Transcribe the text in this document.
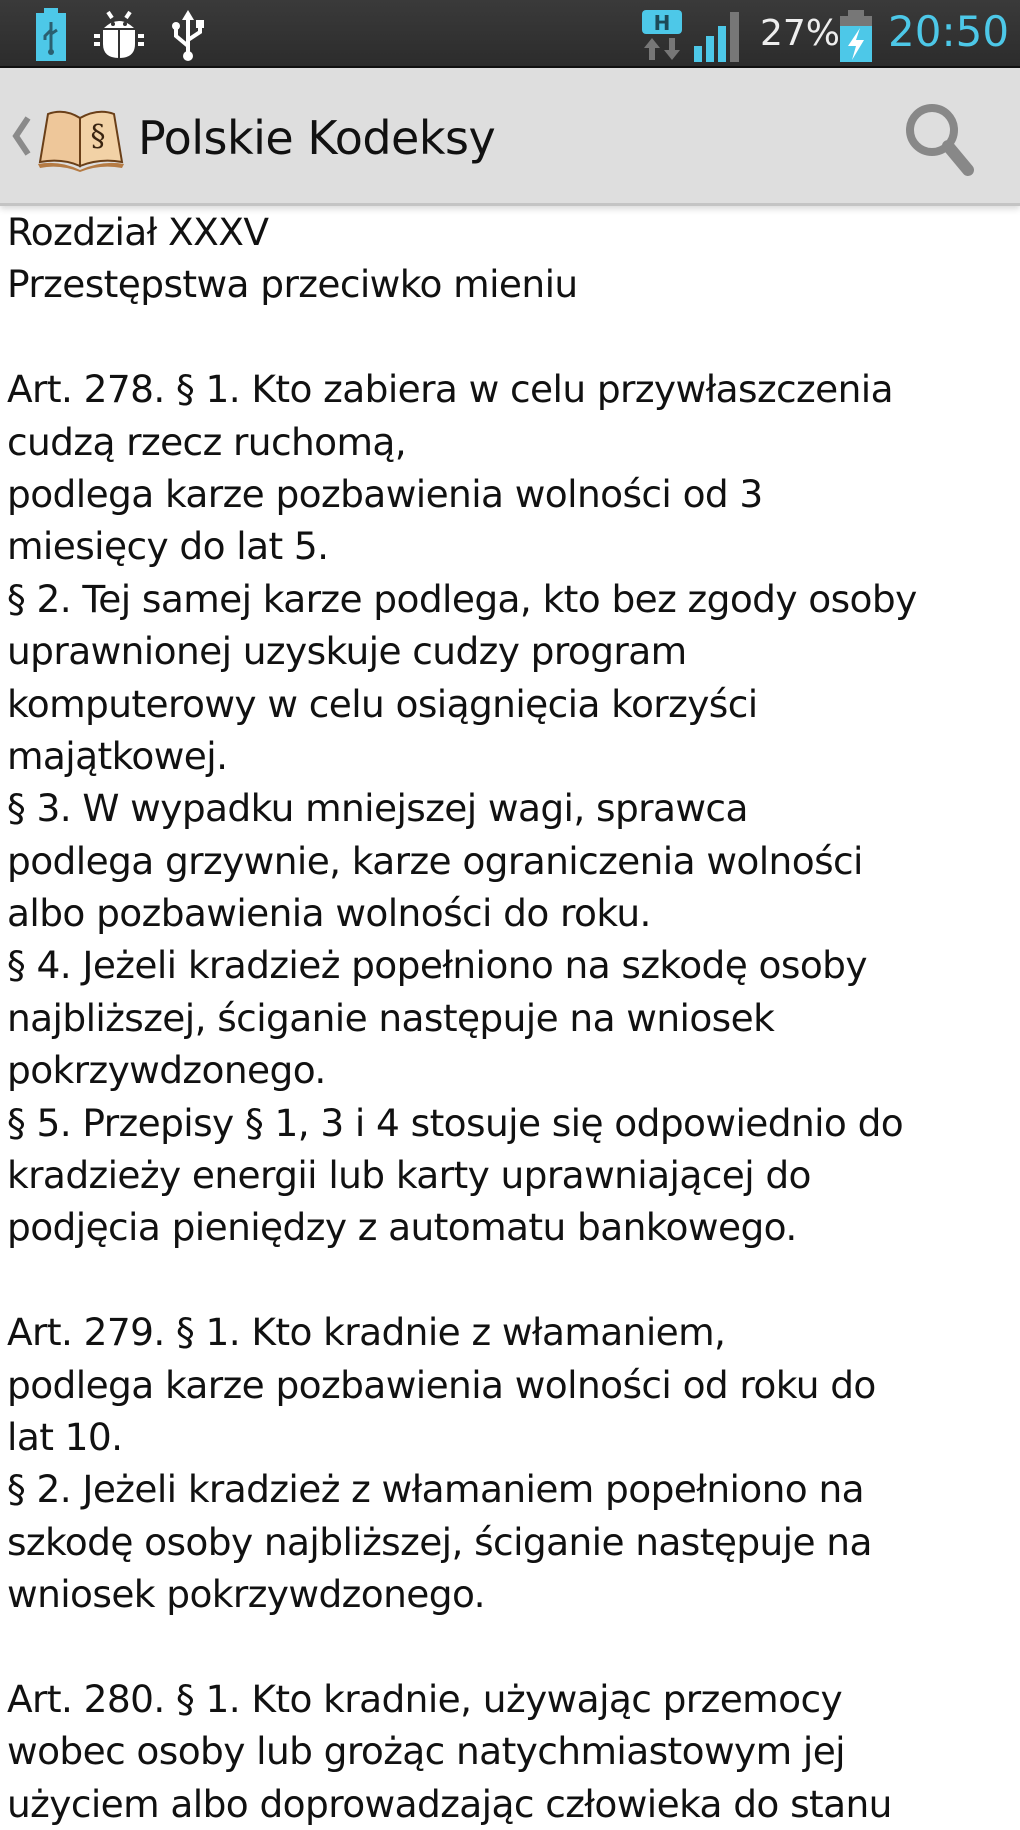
H 27% 20:50
§ Polskie Kodeksy
Rozdział XXXV
Przestępstwa przeciwko mieniu
Art. 278. § 1. Kto zabiera w celu przywłaszczenia
cudzą rzecz ruchomą,
podlega karze pozbawienia wolności od 3
miesięcy do lat 5.
§ 2. Tej samej karze podlega, kto bez zgody osoby
uprawnionej uzyskuje cudzy program
komputerowy w celu osiągnięcia korzyści
majątkowej.
§ 3. W wypadku mniejszej wagi, sprawca
podlega grzywnie, karze ograniczenia wolności
albo pozbawienia wolności do roku.
§ 4. Jeżeli kradzież popełniono na szkodę osoby
najbliższej, ściganie następuje na wniosek
pokrzywdzonego.
§ 5. Przepisy § 1, 3 i 4 stosuje się odpowiednio do
kradzieży energii lub karty uprawniającej do
podjęcia pieniędzy z automatu bankowego.
Art. 279. § 1. Kto kradnie z włamaniem,
podlega karze pozbawienia wolności od roku do
lat 10.
§ 2. Jeżeli kradzież z włamaniem popełniono na
szkodę osoby najbliższej, ściganie następuje na
wniosek pokrzywdzonego.
Art. 280. § 1. Kto kradnie, używając przemocy
wobec osoby lub grożąc natychmiastowym jej
użyciem albo doprowadzając człowieka do stanu
